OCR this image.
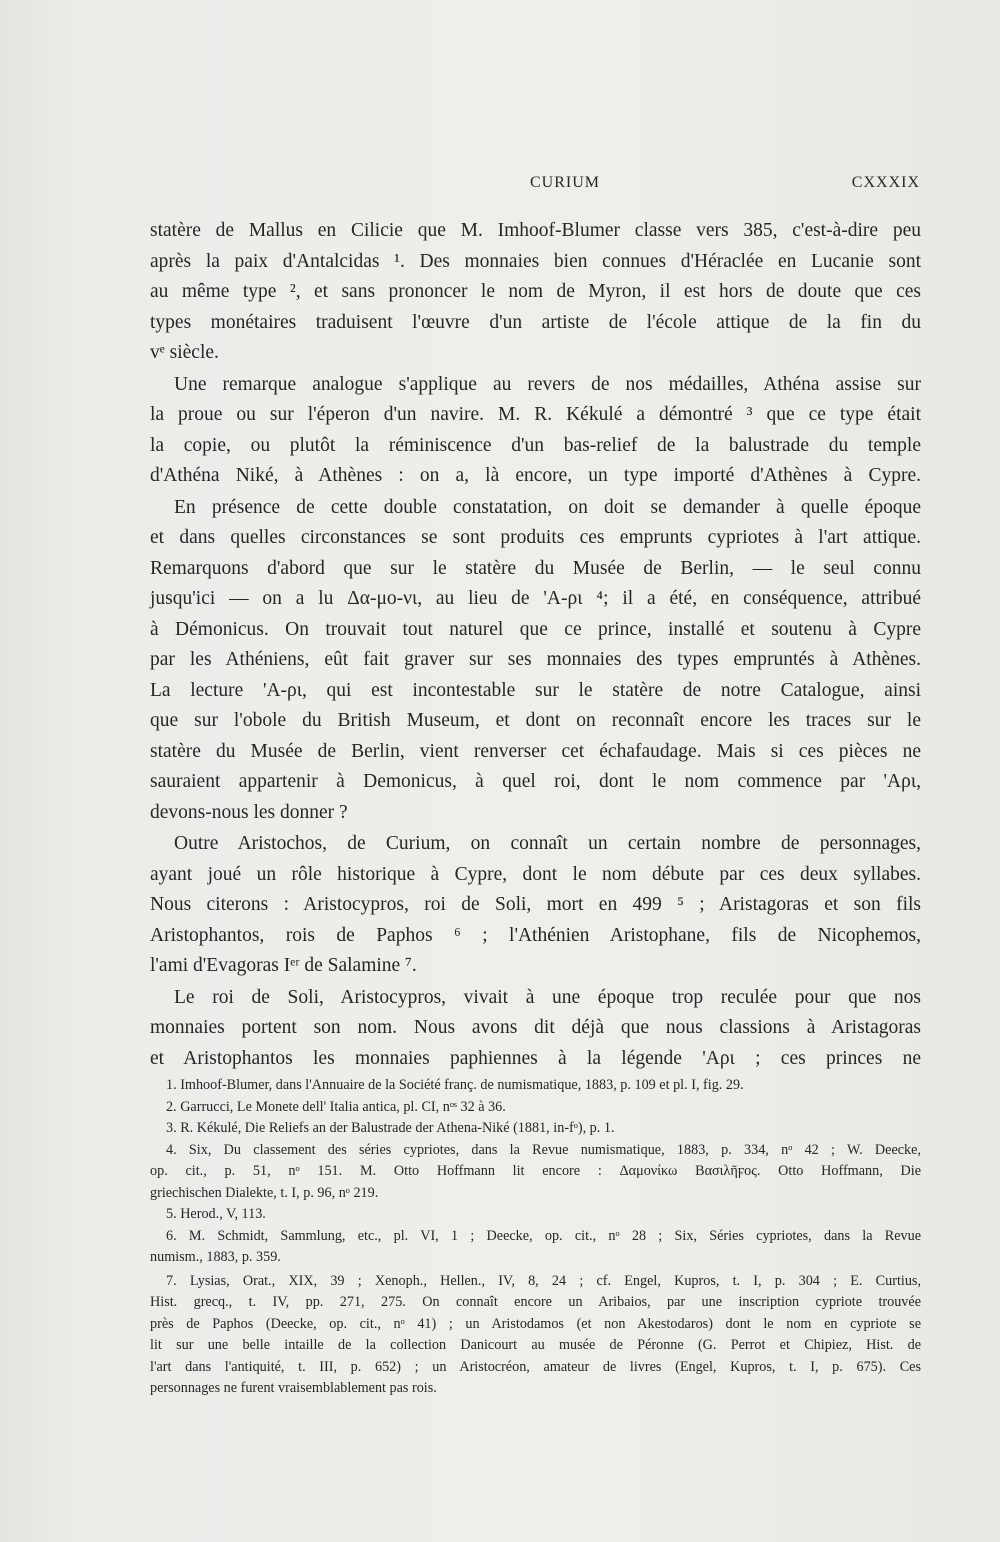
CURIUM	CXXXIX
statère de Mallus en Cilicie que M. Imhoof-Blumer classe vers 385, c'est-à-dire peu
après la paix d'Antalcidas ¹. Des monnaies bien connues d'Héraclée en Lucanie sont
au même type ², et sans prononcer le nom de Myron, il est hors de doute que ces
types monétaires traduisent l'œuvre d'un artiste de l'école attique de la fin du
vᵉ siècle.
Une remarque analogue s'applique au revers de nos médailles, Athéna assise sur
la proue ou sur l'éperon d'un navire. M. R. Kékulé a démontré ³ que ce type était
la copie, ou plutôt la réminiscence d'un bas-relief de la balustrade du temple
d'Athéna Niké, à Athènes : on a, là encore, un type importé d'Athènes à Cypre.
En présence de cette double constatation, on doit se demander à quelle époque
et dans quelles circonstances se sont produits ces emprunts cypriotes à l'art attique.
Remarquons d'abord que sur le statère du Musée de Berlin, — le seul connu
jusqu'ici — on a lu Δα-μο-νι, au lieu de 'Α-ρι ⁴; il a été, en conséquence, attribué
à Démonicus. On trouvait tout naturel que ce prince, installé et soutenu à Cypre
par les Athéniens, eût fait graver sur ses monnaies des types empruntés à Athènes.
La lecture 'Α-ρι, qui est incontestable sur le statère de notre Catalogue, ainsi
que sur l'obole du British Museum, et dont on reconnaît encore les traces sur le
statère du Musée de Berlin, vient renverser cet échafaudage. Mais si ces pièces ne
sauraient appartenir à Demonicus, à quel roi, dont le nom commence par 'Αρι,
devons-nous les donner ?
Outre Aristochos, de Curium, on connaît un certain nombre de personnages,
ayant joué un rôle historique à Cypre, dont le nom débute par ces deux syllabes.
Nous citerons : Aristocypros, roi de Soli, mort en 499 ⁵ ; Aristagoras et son fils
Aristophantos, rois de Paphos ⁶ ; l'Athénien Aristophane, fils de Nicophemos,
l'ami d'Evagoras Iᵉʳ de Salamine ⁷.
Le roi de Soli, Aristocypros, vivait à une époque trop reculée pour que nos
monnaies portent son nom. Nous avons dit déjà que nous classions à Aristagoras
et Aristophantos les monnaies paphiennes à la légende 'Αρι ; ces princes ne
1. Imhoof-Blumer, dans l'Annuaire de la Société franç. de numismatique, 1883, p. 109 et pl. I, fig. 29.
2. Garrucci, Le Monete dell' Italia antica, pl. CI, nᵒˢ 32 à 36.
3. R. Kékulé, Die Reliefs an der Balustrade der Athena-Niké (1881, in-fᵒ), p. 1.
4. Six, Du classement des séries cypriotes, dans la Revue numismatique, 1883, p. 334, nᵒ 42 ; W. Deecke,
op. cit., p. 51, nᵒ 151. M. Otto Hoffmann lit encore : Δαμονίκω Βασιλῆϝος. Otto Hoffmann, Die
griechischen Dialekte, t. I, p. 96, nᵒ 219.
5. Herod., V, 113.
6. M. Schmidt, Sammlung, etc., pl. VI, 1 ; Deecke, op. cit., nᵒ 28 ; Six, Séries cypriotes, dans la Revue
numism., 1883, p. 359.
7. Lysias, Orat., XIX, 39 ; Xenoph., Hellen., IV, 8, 24 ; cf. Engel, Kupros, t. I, p. 304 ; E. Curtius,
Hist. grecq., t. IV, pp. 271, 275. On connaît encore un Aribaios, par une inscription cypriote trouvée
près de Paphos (Deecke, op. cit., nᵒ 41) ; un Aristodamos (et non Akestodaros) dont le nom en cypriote se
lit sur une belle intaille de la collection Danicourt au musée de Péronne (G. Perrot et Chipiez, Hist. de
l'art dans l'antiquité, t. III, p. 652) ; un Aristocréon, amateur de livres (Engel, Kupros, t. I, p. 675). Ces
personnages ne furent vraisemblablement pas rois.
